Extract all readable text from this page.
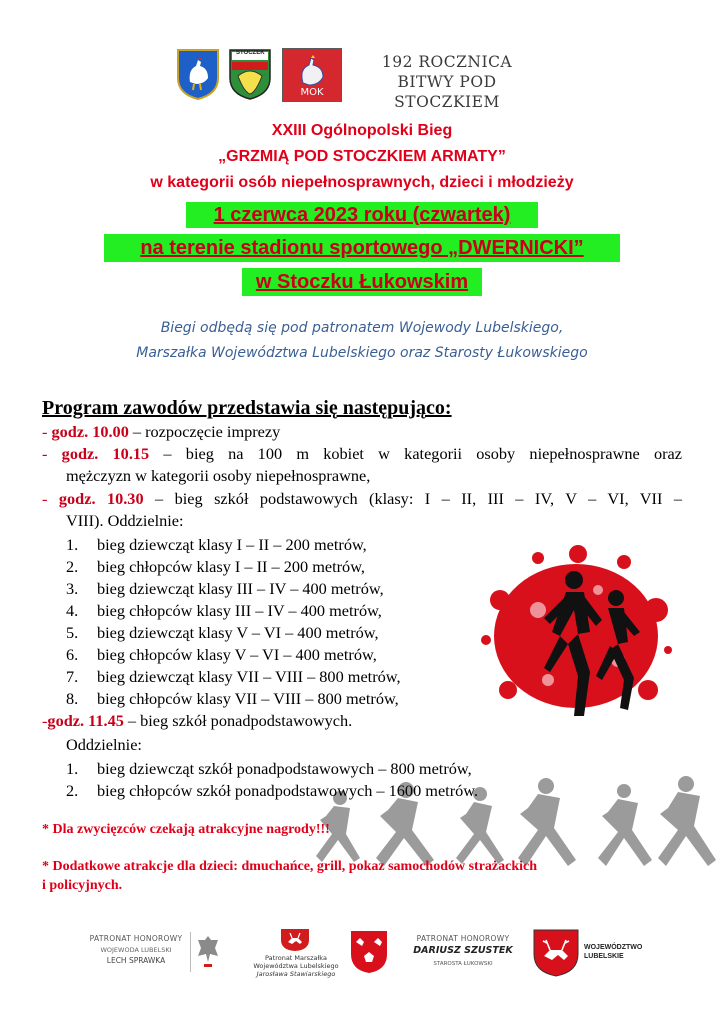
STOCZEK
MOK
192 ROCZNICA
BITWY POD STOCZKIEM
XXIII Ogólnopolski Bieg
„GRZMIĄ POD STOCZKIEM ARMATY”
w kategorii osób niepełnosprawnych, dzieci i młodzieży
1 czerwca 2023 roku (czwartek)
na terenie stadionu sportowego „DWERNICKI”
w Stoczku Łukowskim
Biegi odbędą się pod patronatem Wojewody Lubelskiego,
Marszałka Województwa Lubelskiego oraz Starosty Łukowskiego
Program zawodów przedstawia się następująco:
- godz. 10.00 – rozpoczęcie imprezy
- godz. 10.15 – bieg na 100 m kobiet w kategorii osoby niepełnosprawne oraz
mężczyzn w kategorii osoby niepełnosprawne,
- godz. 10.30 – bieg szkół podstawowych (klasy: I – II, III – IV, V – VI, VII –
VIII). Oddzielnie:
1. bieg dziewcząt klasy I – II – 200 metrów,
2. bieg chłopców klasy I – II – 200 metrów,
3. bieg dziewcząt klasy III – IV – 400 metrów,
4. bieg chłopców klasy III – IV – 400 metrów,
5. bieg dziewcząt klasy V – VI – 400 metrów,
6. bieg chłopców klasy V – VI – 400 metrów,
7. bieg dziewcząt klasy VII – VIII – 800 metrów,
8. bieg chłopców klasy VII – VIII – 800 metrów,
-godz. 11.45 – bieg szkół ponadpodstawowych.
Oddzielnie:
1. bieg dziewcząt szkół ponadpodstawowych – 800 metrów,
2. bieg chłopców szkół ponadpodstawowych – 1600 metrów.
* Dla zwycięzców czekają atrakcyjne nagrody!!!
* Dodatkowe atrakcje dla dzieci: dmuchańce, grill, pokaz samochodów strażackich
i policyjnych.
PATRONAT HONOROWY
WOJEWODA LUBELSKI
LECH SPRAWKA	Patronat Marszałka
Województwa Lubelskiego
Jarosława Stawiarskiego
PATRONAT HONOROWY
DARIUSZ SZUSTEK
STAROSTA ŁUKOWSKI
WOJEWÓDZTWO
LUBELSKIE
